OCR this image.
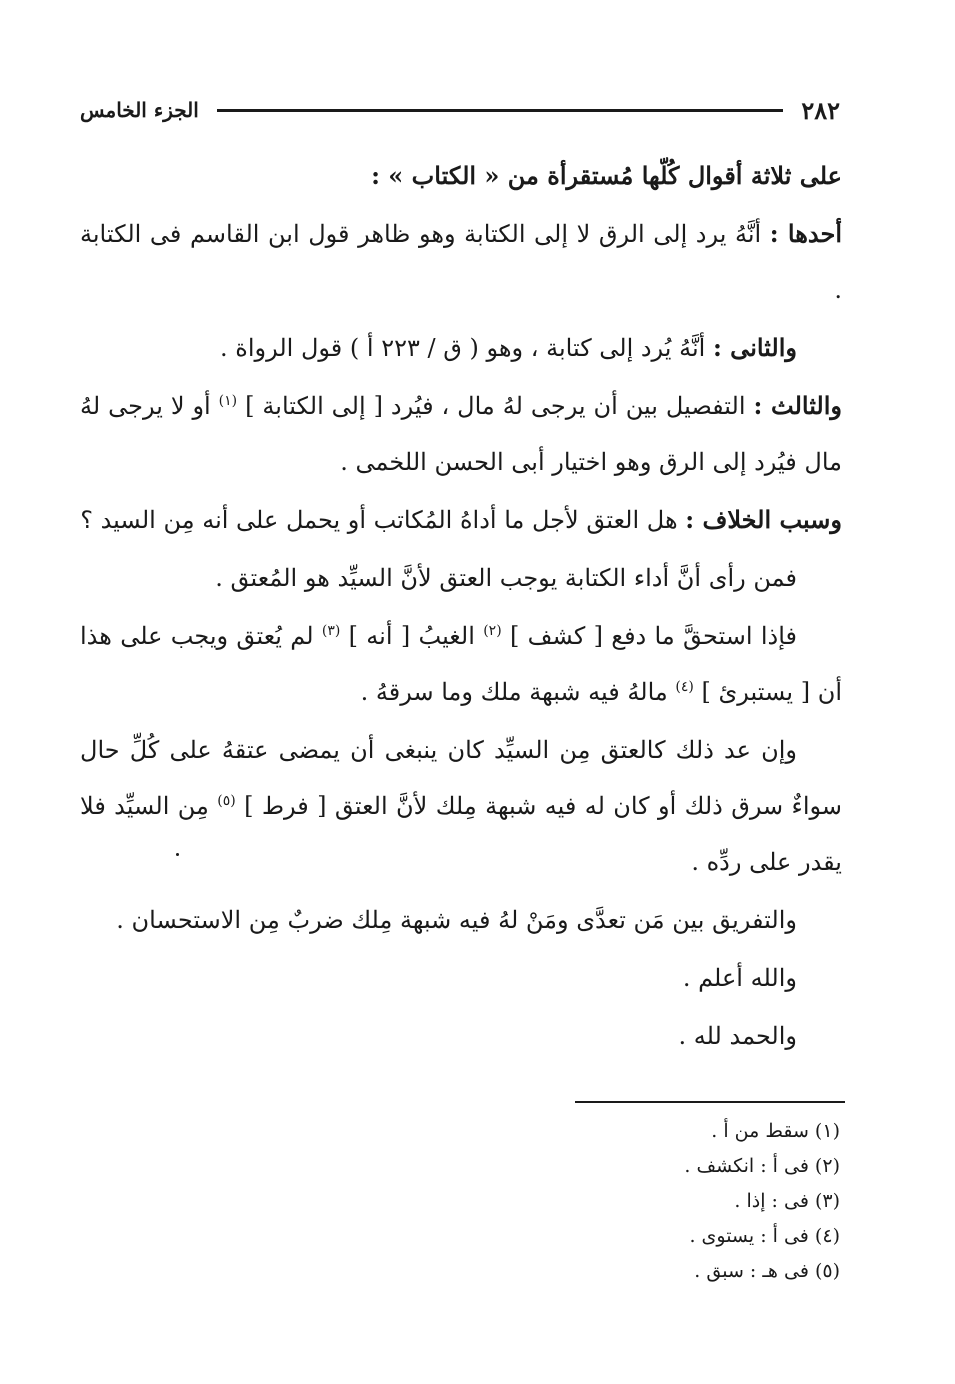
٢٨٢
الجزء الخامس

على ثلاثة أقوال كُلّها مُستقرأة من « الكتاب » :

أحدها : أنَّهُ يرد إلى الرق لا إلى الكتابة وهو ظاهر قول ابن القاسم فى الكتابة .

والثانى : أنَّهُ يُرد إلى كتابة ، وهو ( ق / ٢٢٣ أ ) قول الرواة .

والثالث : التفصيل بين أن يرجى لهُ مال ، فيُرد [ إلى الكتابة ] $^{(١)}$ أو لا يرجى لهُ مال فيُرد إلى الرق وهو اختيار أبى الحسن اللخمى .

وسبب الخلاف : هل العتق لأجل ما أداهُ المُكاتب أو يحمل على أنه مِن السيد ؟

فمن رأى أنَّ أداء الكتابة يوجب العتق لأنَّ السيِّد هو المُعتق .

فإذا استحقَّ ما دفع [ كشف ] $^{(٢)}$ الغيبُ [ أنه ] $^{(٣)}$ لم يُعتق ويجب على هذا أن [ يستبرئ ] $^{(٤)}$ مالهُ فيه شبهة ملك وما سرقهُ .

وإن عد ذلك كالعتق مِن السيِّد كان ينبغى أن يمضى عتقهُ على كُلِّ حال سواءٌ سرق ذلك أو كان له فيه شبهة مِلك لأنَّ العتق [ فرط ] $^{(٥)}$ مِن السيِّد فلا يقدر على ردِّه .

والتفريق بين مَن تعدَّى ومَنْ لهُ فيه شبهة مِلك ضربٌ مِن الاستحسان .

والله أعلم .

والحمد لله .

(١) سقط من أ .
(٢) فى أ : انكشف .
(٣) فى : إذا .
(٤) فى أ : يستوى .
(٥) فى هـ : سبق .
